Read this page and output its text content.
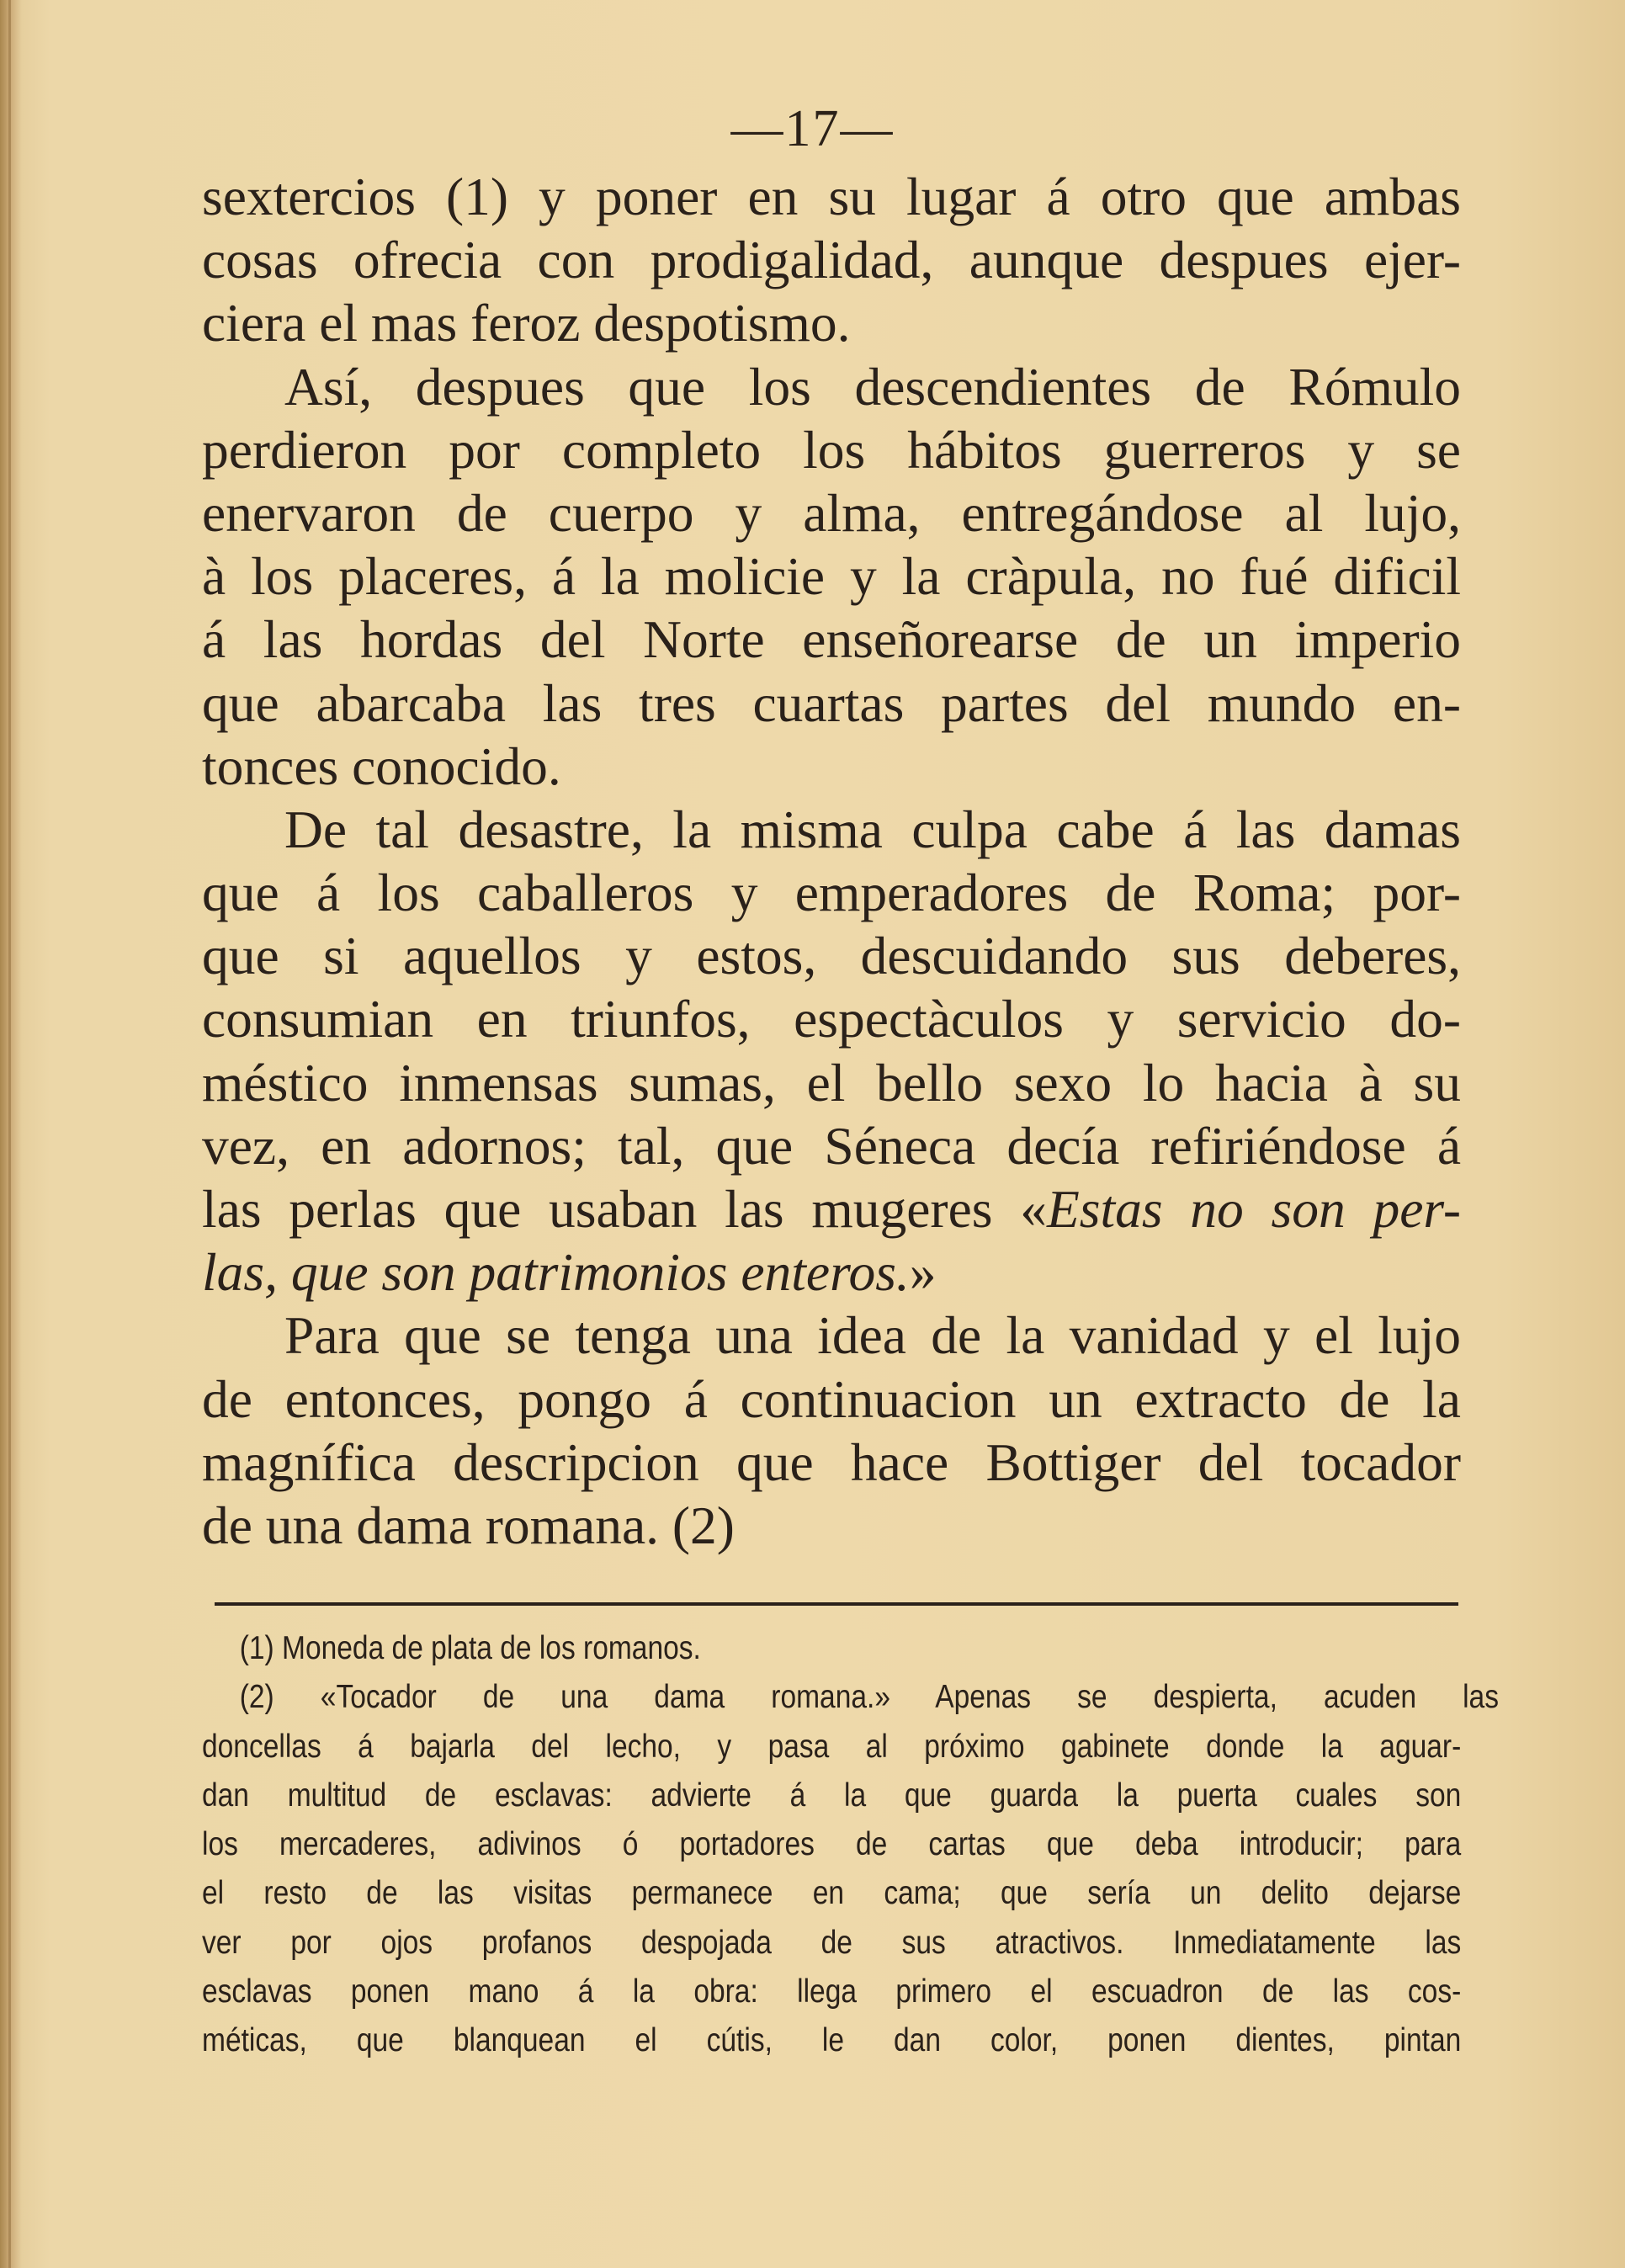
—17—
sextercios (1) y poner en su lugar á otro que ambas
cosas ofrecia con prodigalidad, aunque despues ejer-
ciera el mas feroz despotismo.
Así, despues que los descendientes de Rómulo
perdieron por completo los hábitos guerreros y se
enervaron de cuerpo y alma, entregándose al lujo,
à los placeres, á la molicie y la cràpula, no fué dificil
á las hordas del Norte enseñorearse de un imperio
que abarcaba las tres cuartas partes del mundo en-
tonces conocido.
De tal desastre, la misma culpa cabe á las damas
que á los caballeros y emperadores de Roma; por-
que si aquellos y estos, descuidando sus deberes,
consumian en triunfos, espectàculos y servicio do-
méstico inmensas sumas, el bello sexo lo hacia à su
vez, en adornos; tal, que Séneca decía refiriéndose á
las perlas que usaban las mugeres «Estas no son per-
las, que son patrimonios enteros.»
Para que se tenga una idea de la vanidad y el lujo
de entonces, pongo á continuacion un extracto de la
magnífica descripcion que hace Bottiger del tocador
de una dama romana. (2)
(1) Moneda de plata de los romanos.
(2) «Tocador de una dama romana.» Apenas se despierta, acuden las
doncellas á bajarla del lecho, y pasa al próximo gabinete donde la aguar-
dan multitud de esclavas: advierte á la que guarda la puerta cuales son
los mercaderes, adivinos ó portadores de cartas que deba introducir; para
el resto de las visitas permanece en cama; que sería un delito dejarse
ver por ojos profanos despojada de sus atractivos. Inmediatamente las
esclavas ponen mano á la obra: llega primero el escuadron de las cos-
méticas, que blanquean el cútis, le dan color, ponen dientes, pintan
